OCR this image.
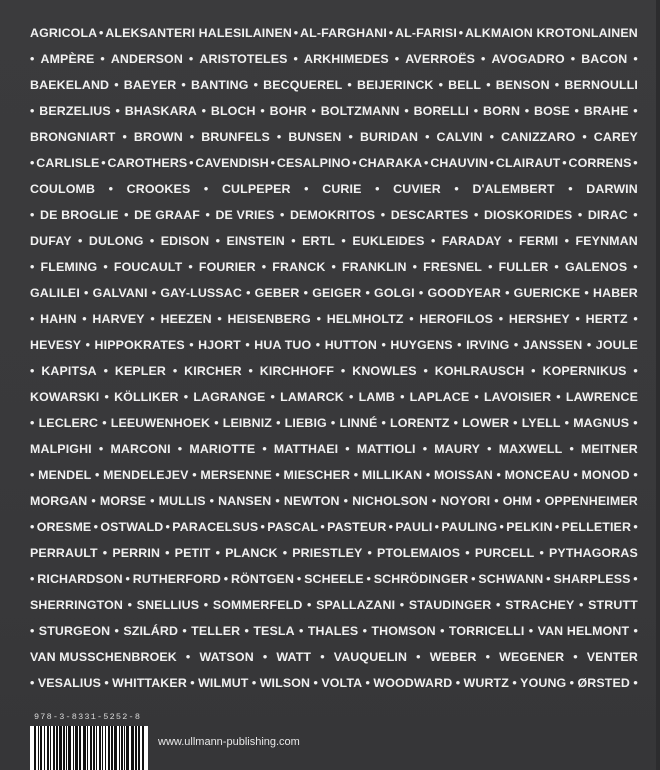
AGRICOLA • ALEKSANTERI HALESILAINEN • AL-FARGHANI • AL-FARISI • ALKMAION KROTONLAINEN
• AMPÈRE • ANDERSON • ARISTOTELES • ARKHIMEDES • AVERROËS • AVOGADRO • BACON •
BAEKELAND • BAEYER • BANTING • BECQUEREL • BEIJERINCK • BELL • BENSON • BERNOULLI
• BERZELIUS • BHASKARA • BLOCH • BOHR • BOLTZMANN • BORELLI • BORN • BOSE • BRAHE •
BRONGNIART • BROWN • BRUNFELS • BUNSEN • BURIDAN • CALVIN • CANIZZARO • CAREY
• CARLISLE • CAROTHERS • CAVENDISH • CESALPINO • CHARAKA • CHAUVIN • CLAIRAUT • CORRENS •
COULOMB • CROOKES • CULPEPER • CURIE • CUVIER • D'ALEMBERT • DARWIN
• DE BROGLIE • DE GRAAF • DE VRIES • DEMOKRITOS • DESCARTES • DIOSKORIDES • DIRAC •
DUFAY • DULONG • EDISON • EINSTEIN • ERTL • EUKLEIDES • FARADAY • FERMI • FEYNMAN
• FLEMING • FOUCAULT • FOURIER • FRANCK • FRANKLIN • FRESNEL • FULLER • GALENOS •
GALILEI • GALVANI • GAY-LUSSAC • GEBER • GEIGER • GOLGI • GOODYEAR • GUERICKE • HABER
• HAHN • HARVEY • HEEZEN • HEISENBERG • HELMHOLTZ • HEROFILOS • HERSHEY • HERTZ •
HEVESY • HIPPOKRATES • HJORT • HUA TUO • HUTTON • HUYGENS • IRVING • JANSSEN • JOULE
• KAPITSA • KEPLER • KIRCHER • KIRCHHOFF • KNOWLES • KOHLRAUSCH • KOPERNIKUS •
KOWARSKI • KÖLLIKER • LAGRANGE • LAMARCK • LAMB • LAPLACE • LAVOISIER • LAWRENCE
• LECLERC • LEEUWENHOEK • LEIBNIZ • LIEBIG • LINNÉ • LORENTZ • LOWER • LYELL • MAGNUS •
MALPIGHI • MARCONI • MARIOTTE • MATTHAEI • MATTIOLI • MAURY • MAXWELL • MEITNER
• MENDEL • MENDELEJEV • MERSENNE • MIESCHER • MILLIKAN • MOISSAN • MONCEAU • MONOD •
MORGAN • MORSE • MULLIS • NANSEN • NEWTON • NICHOLSON • NOYORI • OHM • OPPENHEIMER
• ORESME • OSTWALD • PARACELSUS • PASCAL • PASTEUR • PAULI • PAULING • PELKIN • PELLETIER •
PERRAULT • PERRIN • PETIT • PLANCK • PRIESTLEY • PTOLEMAIOS • PURCELL • PYTHAGORAS
• RICHARDSON • RUTHERFORD • RÖNTGEN • SCHEELE • SCHRÖDINGER • SCHWANN • SHARPLESS •
SHERRINGTON • SNELLIUS • SOMMERFELD • SPALLAZANI • STAUDINGER • STRACHEY • STRUTT
• STURGEON • SZILÁRD • TELLER • TESLA • THALES • THOMSON • TORRICELLI • VAN HELMONT •
VAN MUSSCHENBROEK • WATSON • WATT • VAUQUELIN • WEBER • WEGENER • VENTER
• VESALIUS • WHITTAKER • WILMUT • WILSON • VOLTA • WOODWARD • WURTZ • YOUNG • ØRSTED •
978-3-8331-5252-8
www.ullmann-publishing.com
